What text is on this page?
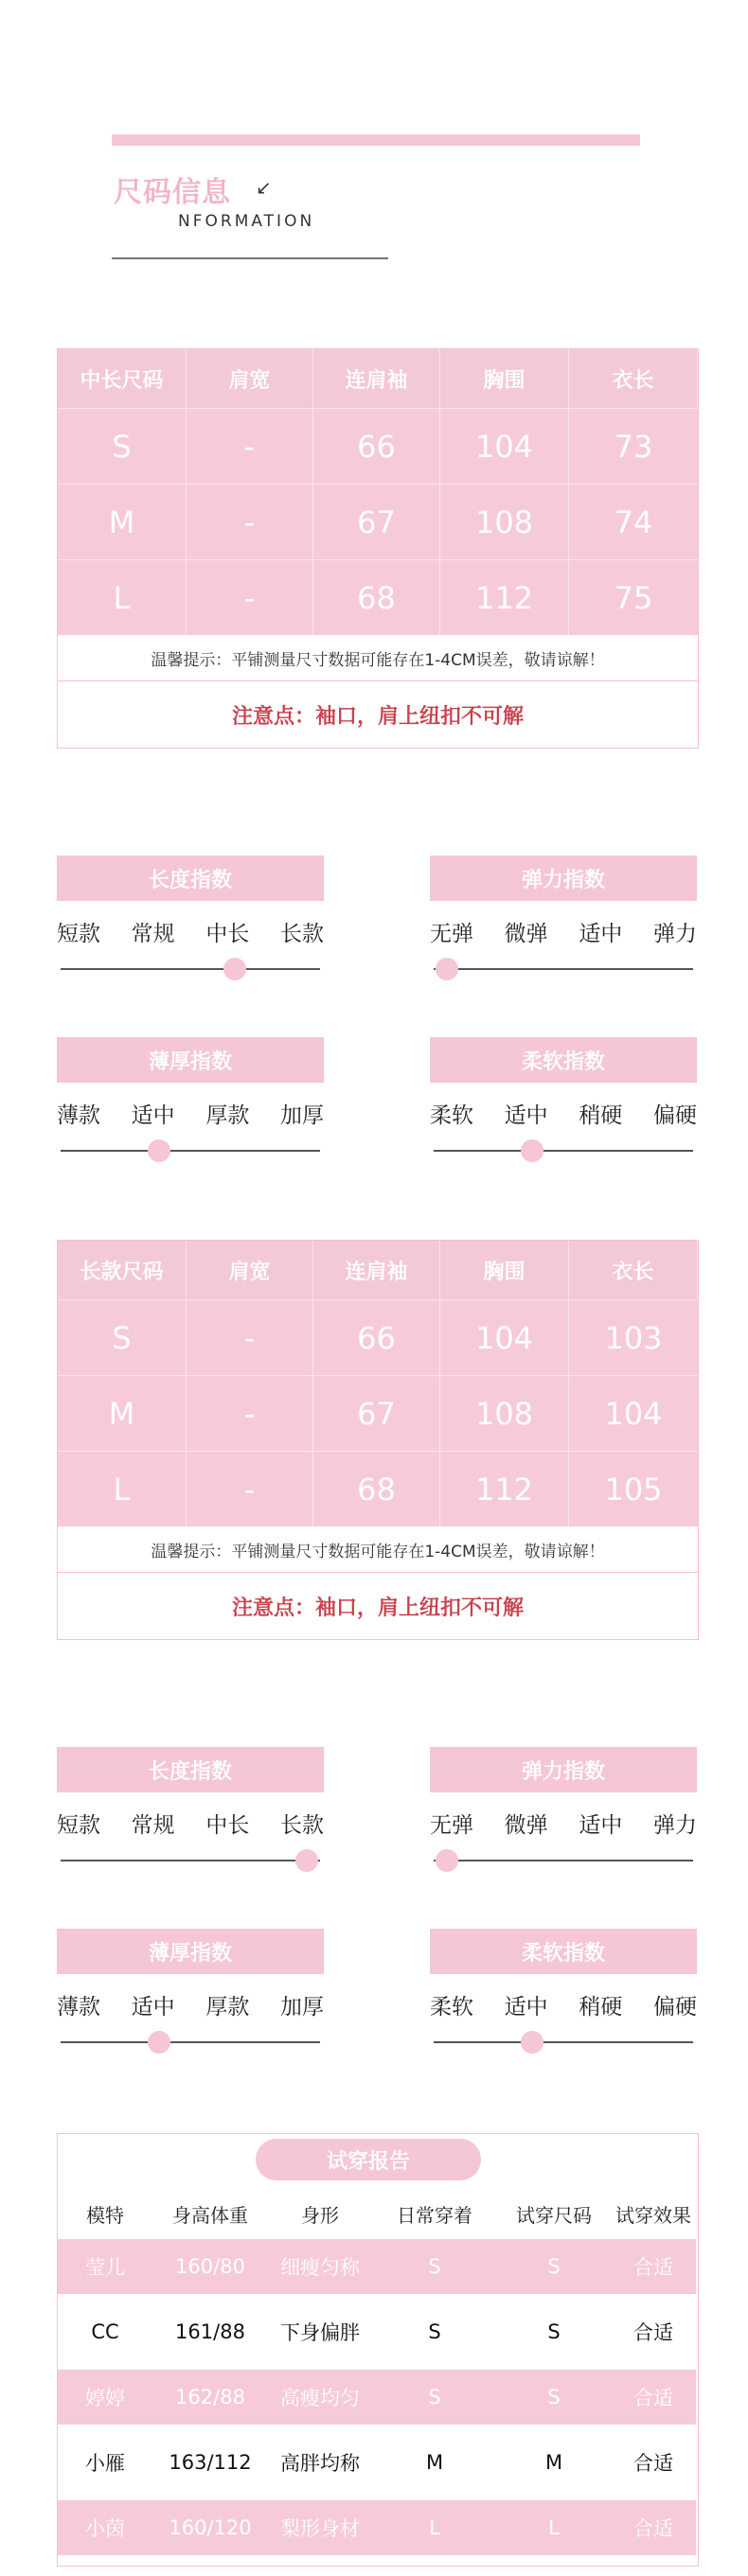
尺码信息 ↙
NFORMATION
中长尺码	肩宽	连肩袖	胸围	衣长
S	-	66	104	73
M	-	67	108	74
L	-	68	112	75
温馨提示：平铺测量尺寸数据可能存在1-4CM误差，敬请谅解！
注意点：袖口，肩上纽扣不可解
长度指数
短款 常规 中长 长款
弹力指数
无弹 微弹 适中 弹力
薄厚指数
薄款 适中 厚款 加厚
柔软指数
柔软 适中 稍硬 偏硬
长款尺码	肩宽	连肩袖	胸围	衣长
S	-	66	104	103
M	-	67	108	104
L	-	68	112	105
温馨提示：平铺测量尺寸数据可能存在1-4CM误差，敬请谅解！
注意点：袖口，肩上纽扣不可解
长度指数
短款 常规 中长 长款
弹力指数
无弹 微弹 适中 弹力
薄厚指数
薄款 适中 厚款 加厚
柔软指数
柔软 适中 稍硬 偏硬
试穿报告
模特	身高体重	身形	日常穿着	试穿尺码	试穿效果
莹儿	160/80	细瘦匀称	S	S	合适
CC	161/88	下身偏胖	S	S	合适
婷婷	162/88	高瘦均匀	S	S	合适
小雁	163/112	高胖均称	M	M	合适
小茵	160/120	梨形身材	L	L	合适
